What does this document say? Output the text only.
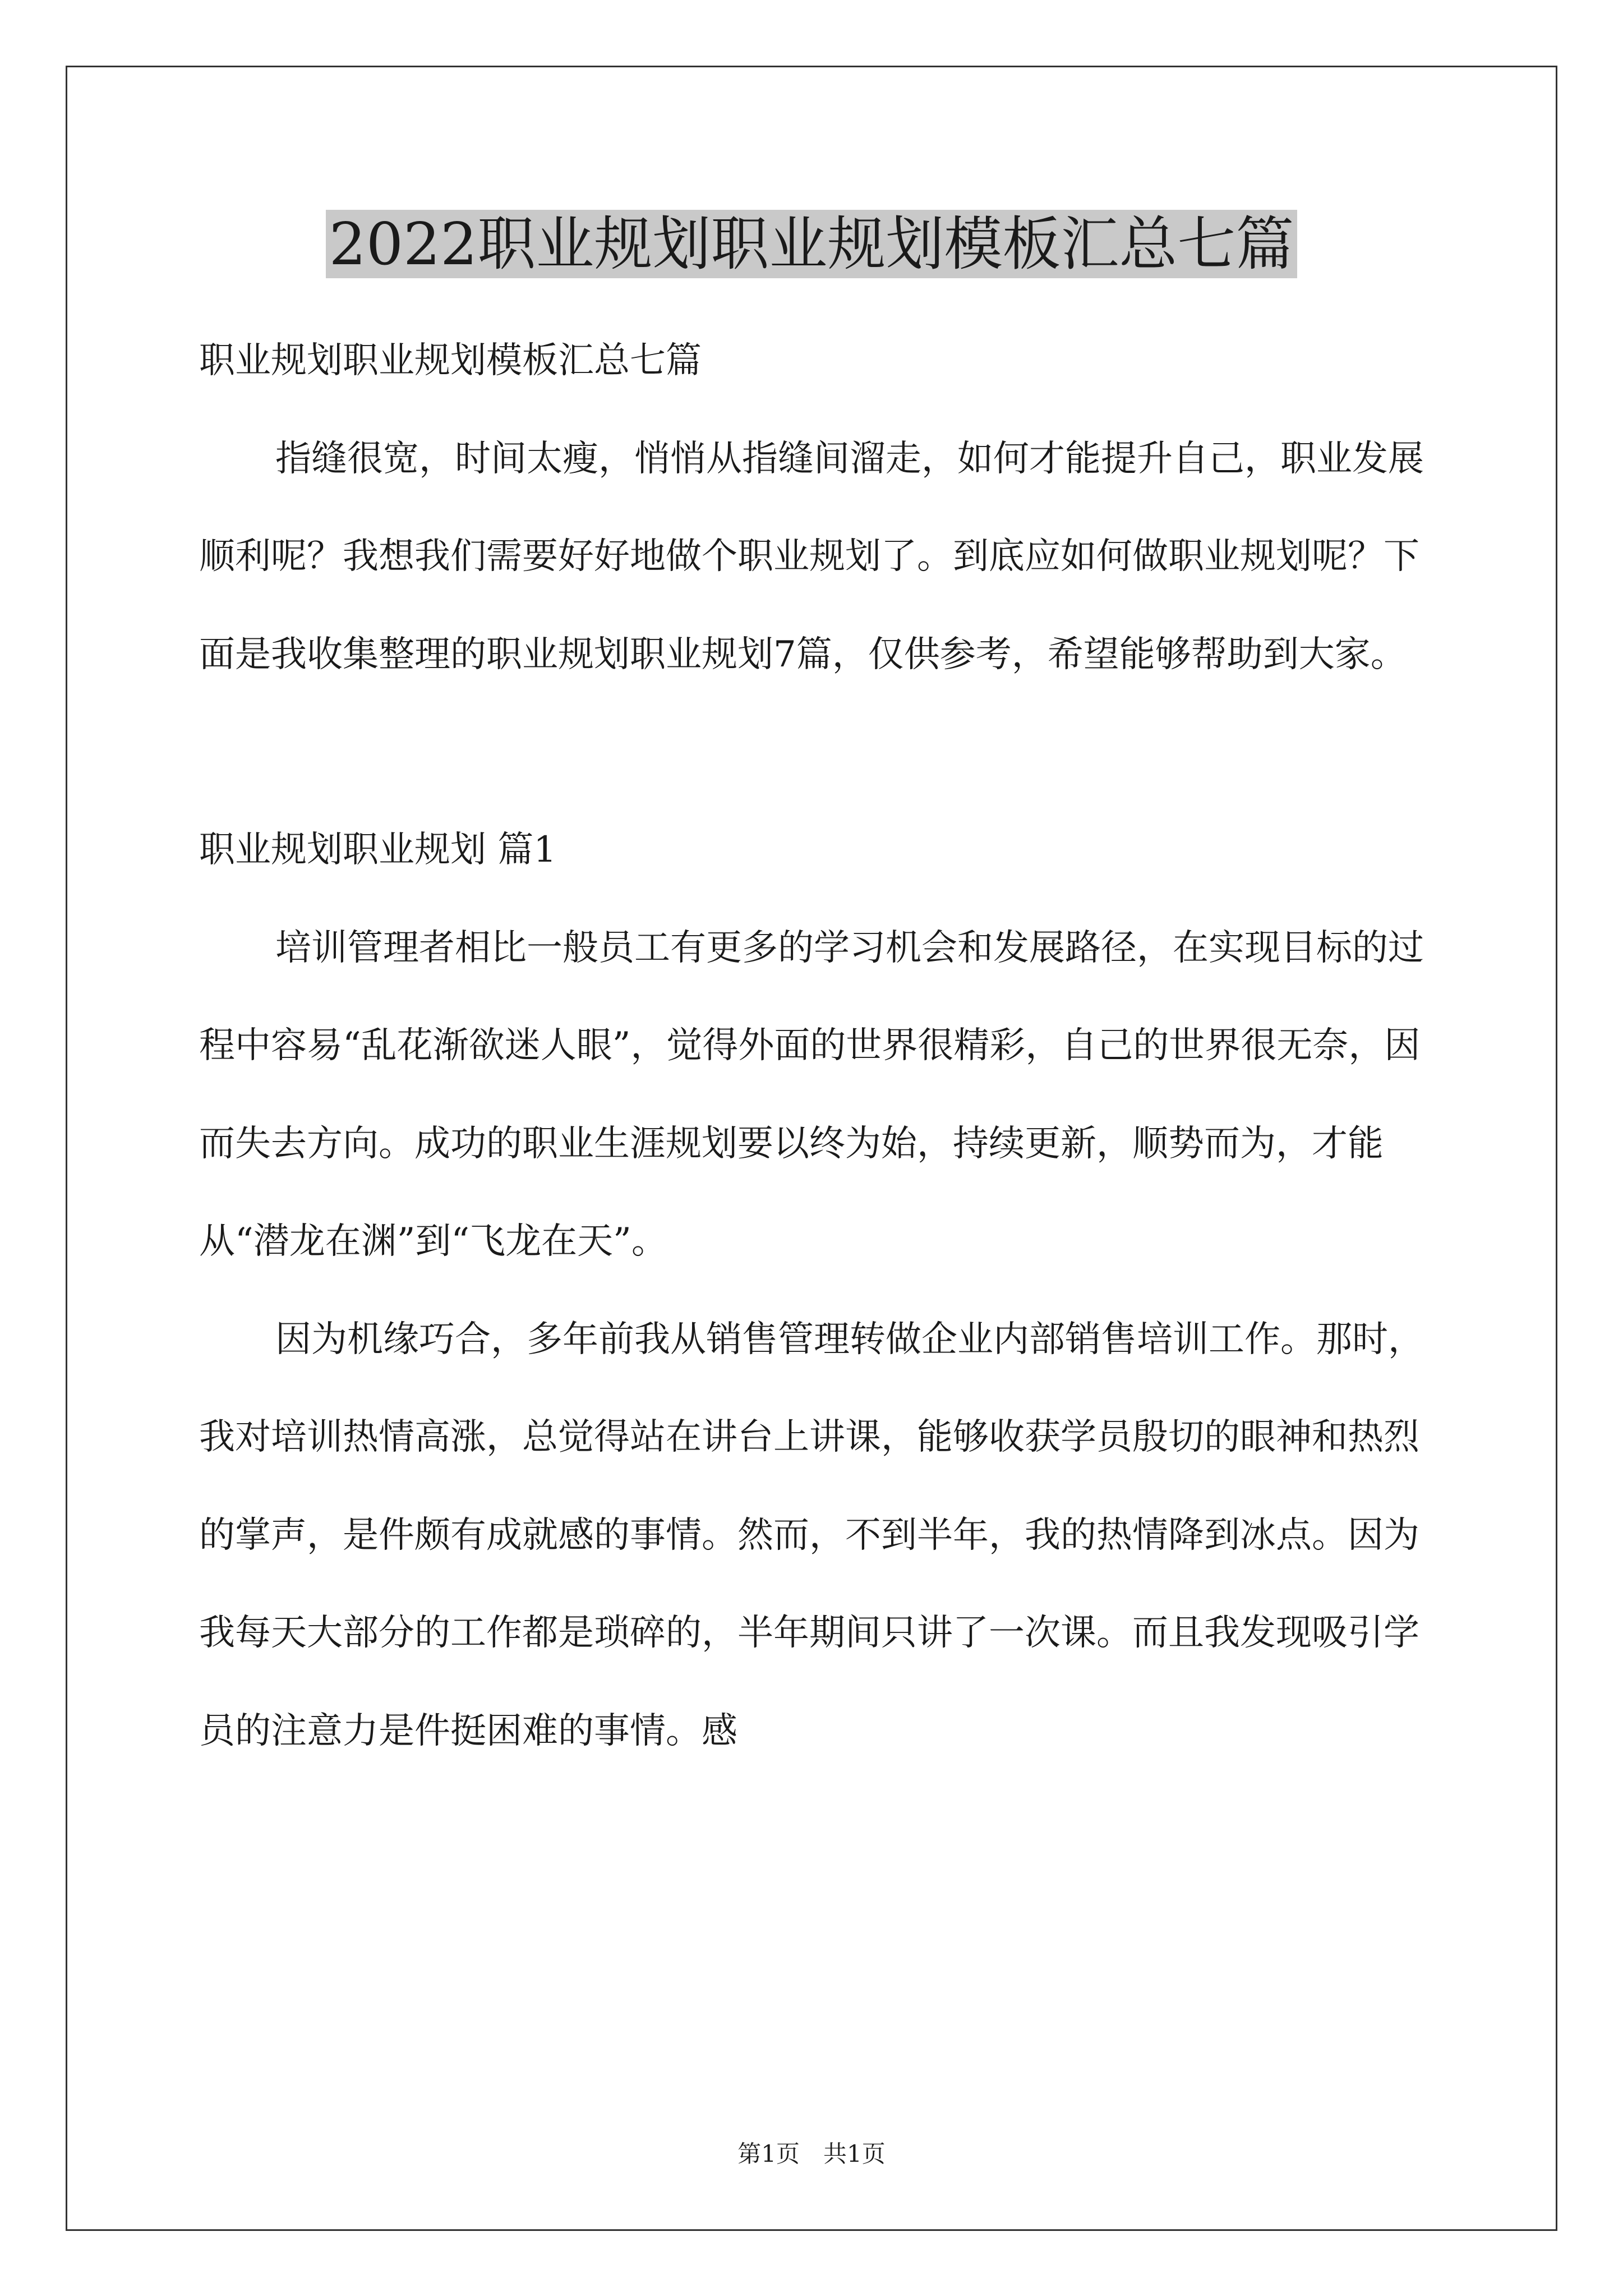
2022职业规划职业规划模板汇总七篇

职业规划职业规划模板汇总七篇

指缝很宽，时间太瘦，悄悄从指缝间溜走，如何才能提升自己，职业发展顺利呢？我想我们需要好好地做个职业规划了。到底应如何做职业规划呢？下面是我收集整理的职业规划职业规划7篇，仅供参考，希望能够帮助到大家。

职业规划职业规划 篇1

培训管理者相比一般员工有更多的学习机会和发展路径，在实现目标的过程中容易“乱花渐欲迷人眼”，觉得外面的世界很精彩，自己的世界很无奈，因而失去方向。成功的职业生涯规划要以终为始，持续更新，顺势而为，才能从“潜龙在渊”到“飞龙在天”。

因为机缘巧合，多年前我从销售管理转做企业内部销售培训工作。那时，我对培训热情高涨，总觉得站在讲台上讲课，能够收获学员殷切的眼神和热烈的掌声，是件颇有成就感的事情。然而，不到半年，我的热情降到冰点。因为我每天大部分的工作都是琐碎的，半年期间只讲了一次课。而且我发现吸引学员的注意力是件挺困难的事情。感

第1页　共1页
